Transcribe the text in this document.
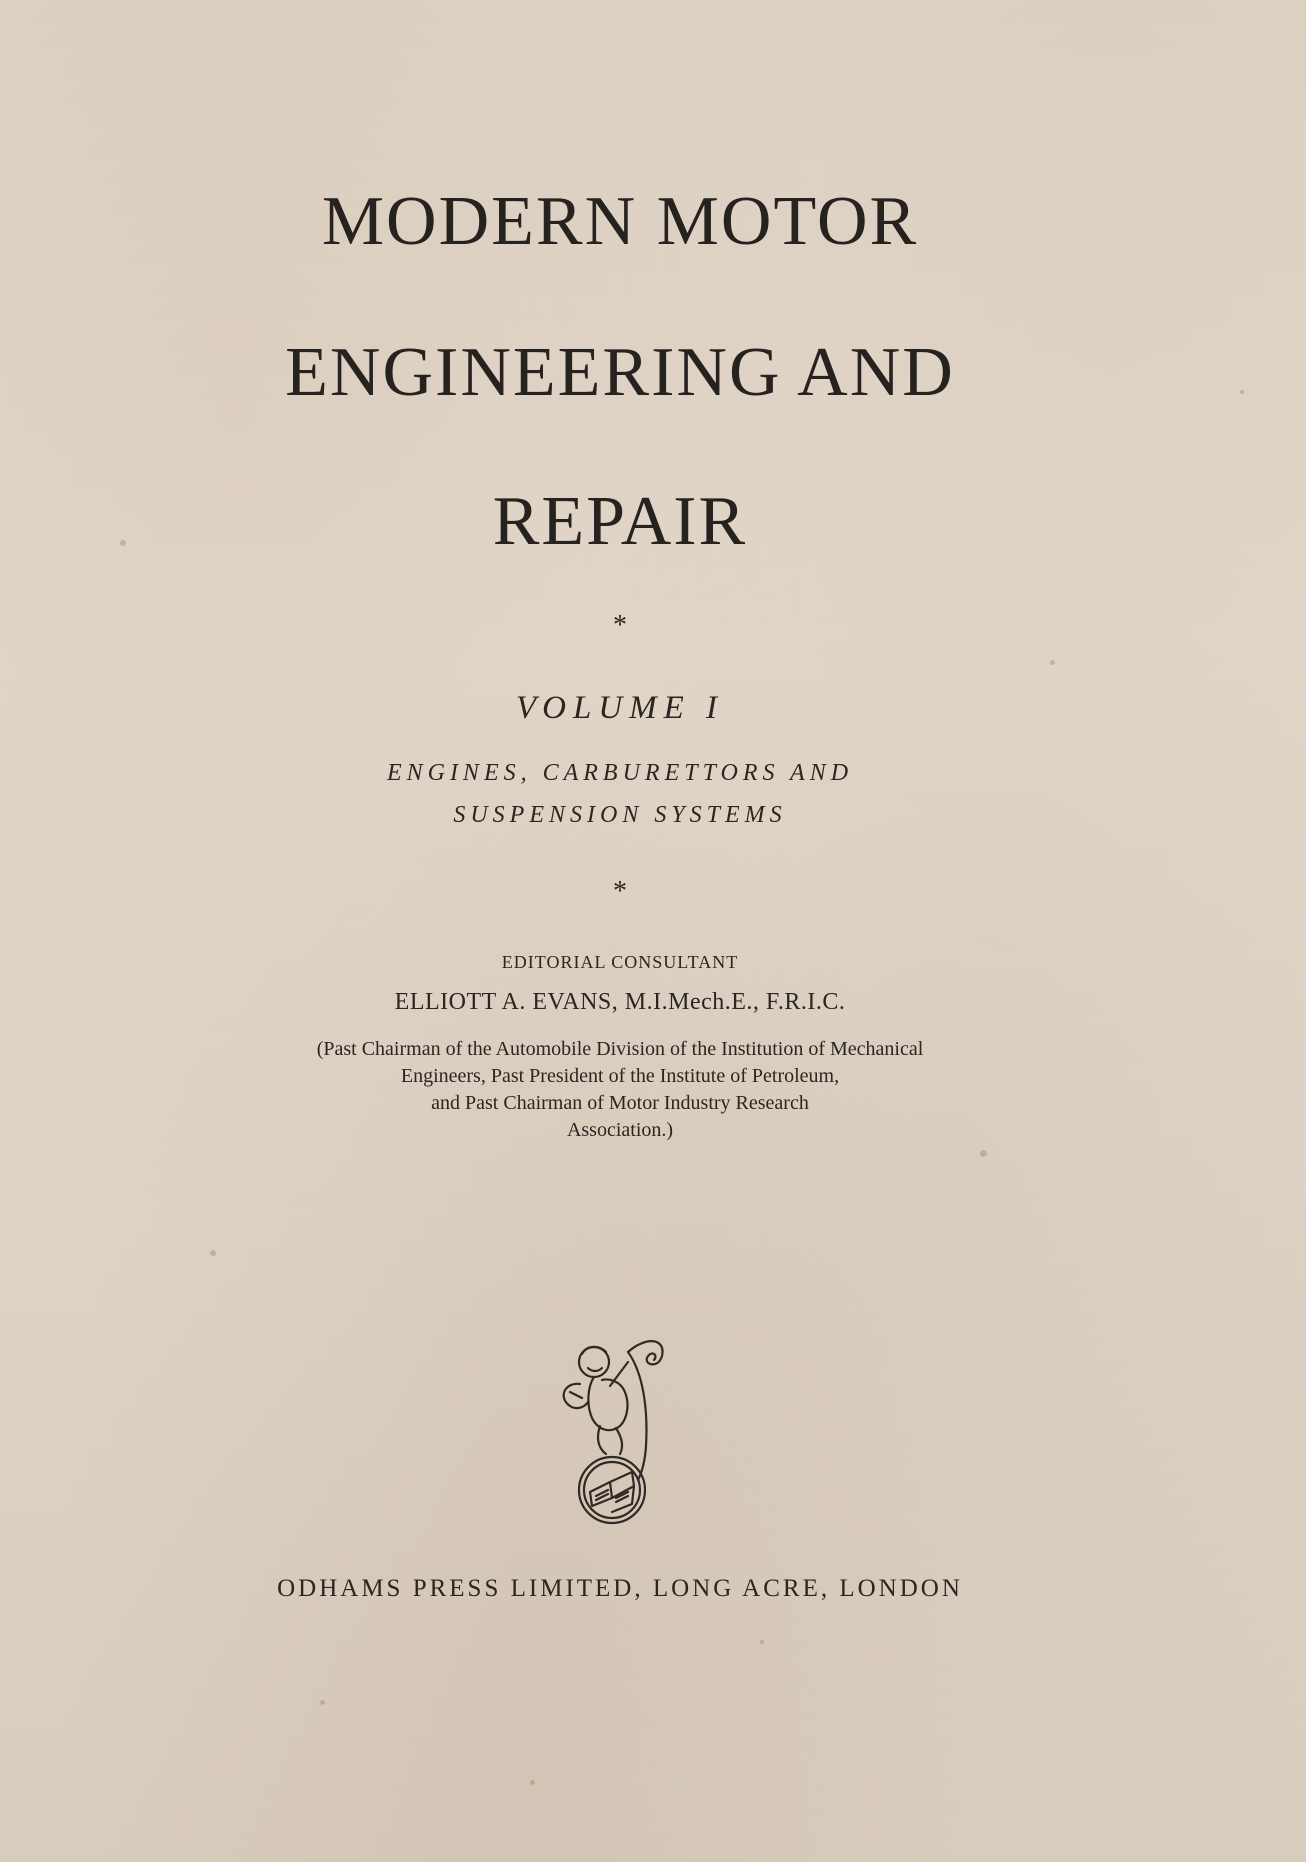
MODERN MOTOR
ENGINEERING AND
REPAIR
*
VOLUME I
ENGINES, CARBURETTORS AND
SUSPENSION SYSTEMS
*
EDITORIAL CONSULTANT
ELLIOTT A. EVANS, M.I.Mech.E., F.R.I.C.
(Past Chairman of the Automobile Division of the Institution of Mechanical
Engineers, Past President of the Institute of Petroleum,
and Past Chairman of Motor Industry Research
Association.)
ODHAMS PRESS LIMITED, LONG ACRE, LONDON
